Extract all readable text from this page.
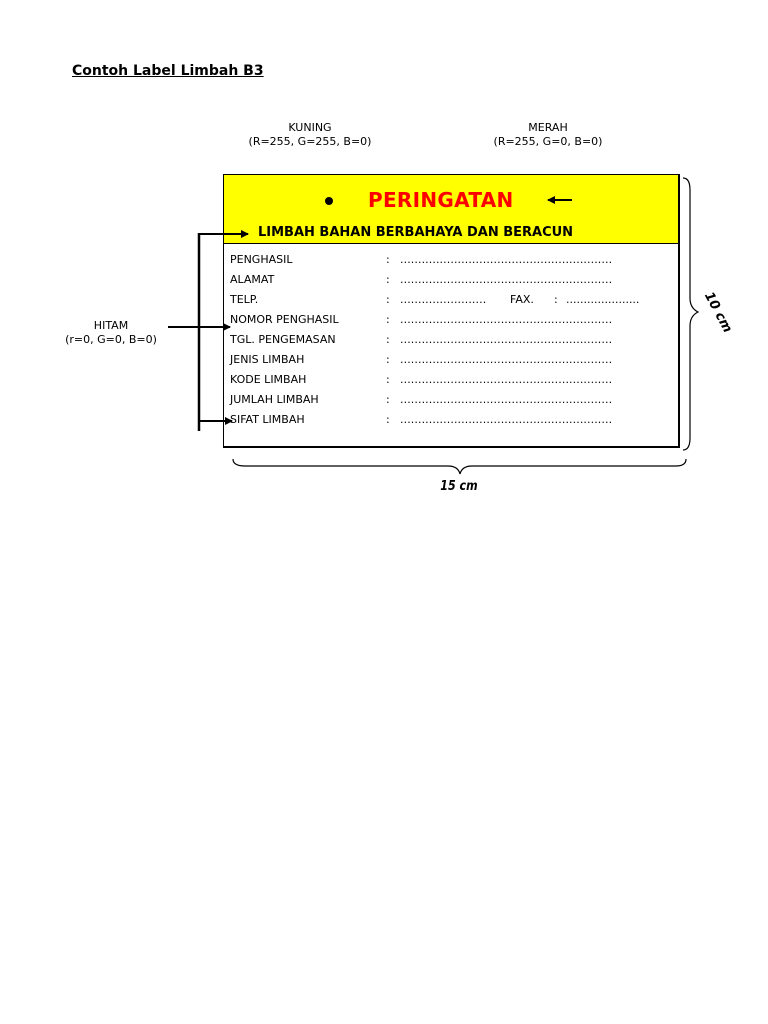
Contoh Label Limbah B3
KUNING
(R=255, G=255, B=0)
MERAH
(R=255, G=0, B=0)
HITAM
(r=0, G=0, B=0)
PERINGATAN
LIMBAH BAHAN BERBAHAYA DAN BERACUN
PENGHASIL	: ...........................................................
ALAMAT	: ...........................................................
TELP.	: ........................ FAX. : .....................
NOMOR PENGHASIL	: ...........................................................
TGL. PENGEMASAN	: ...........................................................
JENIS LIMBAH	: ...........................................................
KODE LIMBAH	: ...........................................................
JUMLAH LIMBAH	: ...........................................................
SIFAT LIMBAH	: ...........................................................
15 cm
10 cm
